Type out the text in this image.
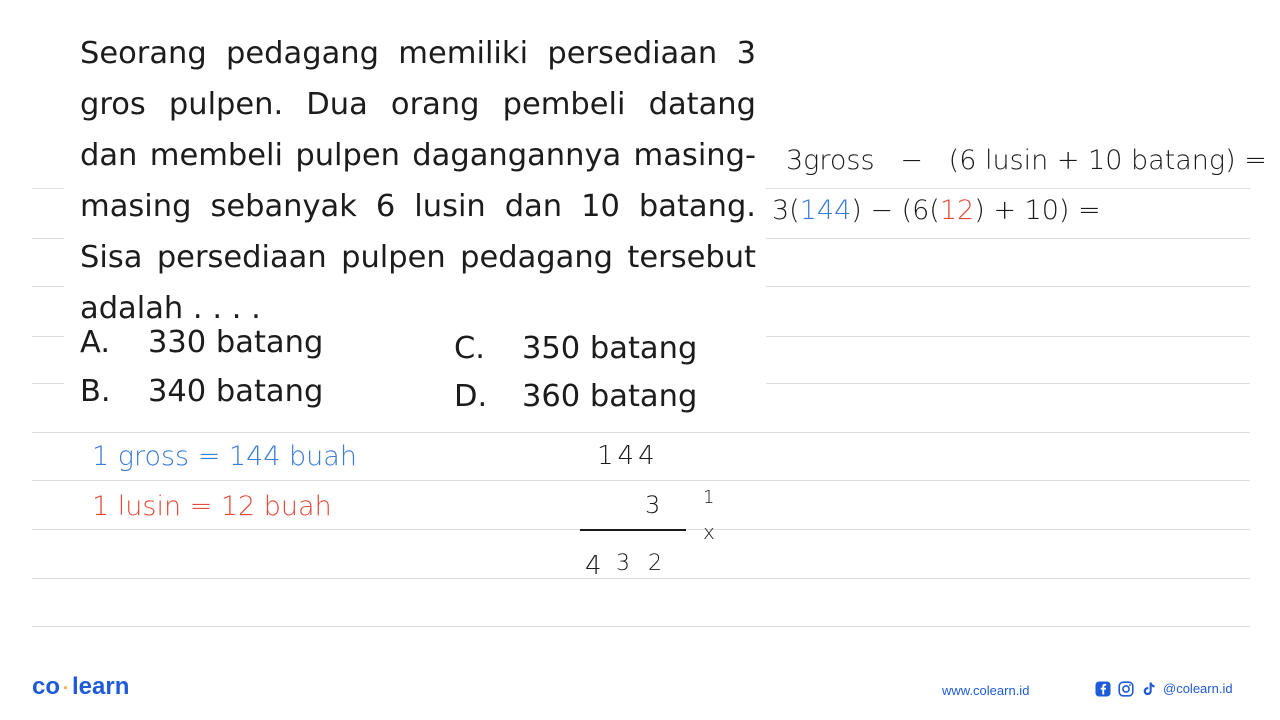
Seorang pedagang memiliki persediaan 3 gros pulpen. Dua orang pembeli datang dan membeli pulpen dagangannya masing-masing sebanyak 6 lusin dan 10 batang. Sisa persediaan pulpen pedagang tersebut adalah . . . .

A. 330 batang
B. 340 batang
C. 350 batang
D. 360 batang
3gross − (6 lusin + 10 batang) =
3(144) − (6(12) + 10) =
1 gross = 144 buah
1 lusin = 12 buah
144
3 1
x
4 3 2
co · learn	www.colearn.id	@colearn.id
